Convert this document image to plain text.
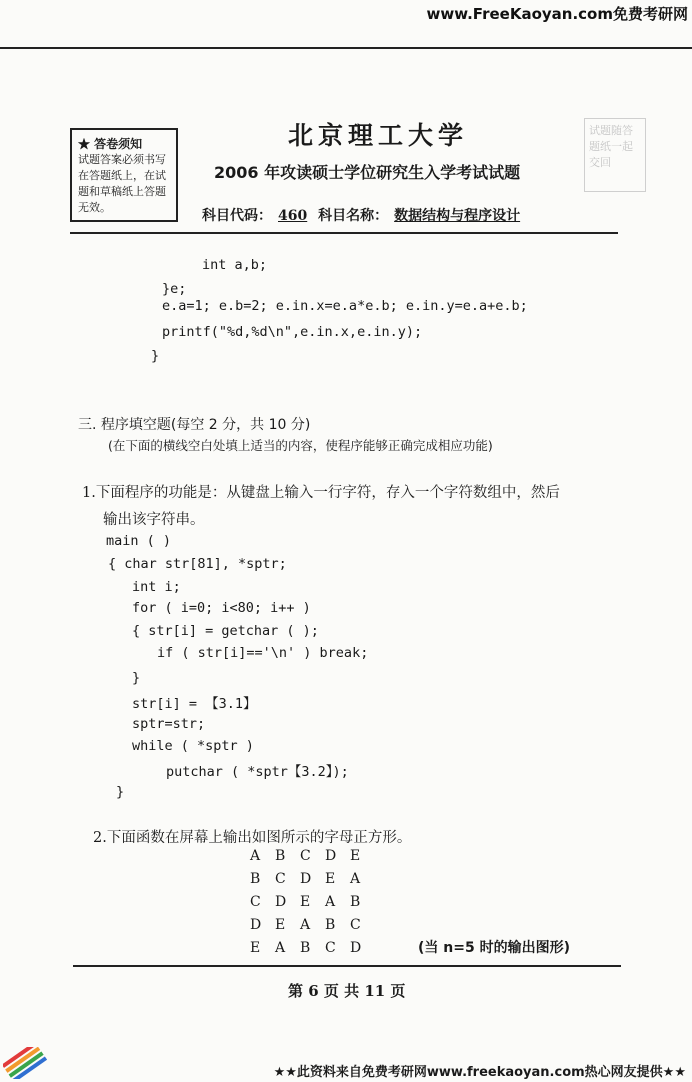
www.FreeKaoyan.com免费考研网
★ 答卷须知
试题答案必须书写在答题纸上，在试题和草稿纸上答题无效。
试题随答题纸一起交回
北京理工大学
2006 年攻读硕士学位研究生入学考试试题
科目代码： 460 科目名称： 数据结构与程序设计
int a,b;
}e;
e.a=1; e.b=2; e.in.x=e.a*e.b; e.in.y=e.a+e.b;
printf("%d,%d\n",e.in.x,e.in.y);
}
三. 程序填空题(每空 2 分，共 10 分)
(在下面的横线空白处填上适当的内容，使程序能够正确完成相应功能)
1.下面程序的功能是：从键盘上输入一行字符，存入一个字符数组中，然后
输出该字符串。
main ( )
{ char str[81], *sptr;
int i;
for ( i=0; i<80; i++ )
{ str[i] = getchar ( );
if ( str[i]=='\n' ) break;
}
str[i] = 【3.1】
sptr=str;
while ( *sptr )
putchar ( *sptr【3.2】);
}
2.下面函数在屏幕上输出如图所示的字母正方形。
A B C D E
B C D E A
C D E A B
D E A B C
E A B C D	(当 n=5 时的输出图形)
第 6 页 共 11 页
★★此资料来自免费考研网www.freekaoyan.com热心网友提供★★
